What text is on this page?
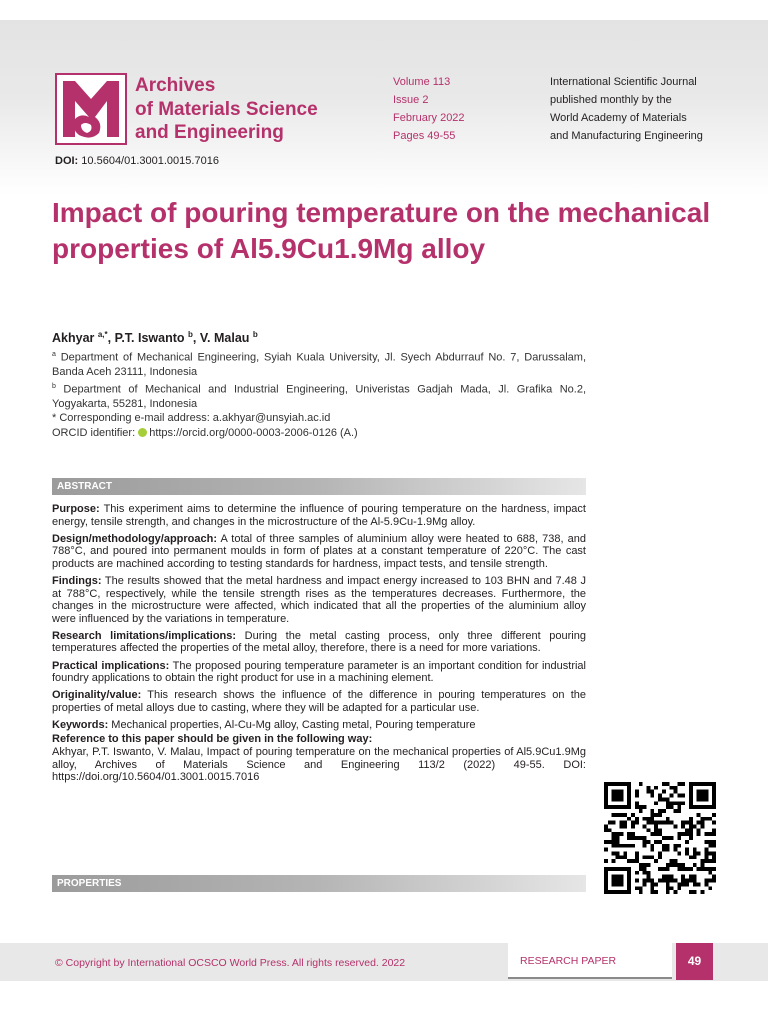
Archives
of Materials Science
and Engineering
Volume 113
Issue 2
February 2022
Pages 49-55
International Scientific Journal
published monthly by the
World Academy of Materials
and Manufacturing Engineering
DOI: 10.5604/01.3001.0015.7016
Impact of pouring temperature on the mechanical properties of Al5.9Cu1.9Mg alloy
Akhyar $^{a,*}$, P.T. Iswanto $^b$, V. Malau $^b$

$^a$ Department of Mechanical Engineering, Syiah Kuala University, Jl. Syech Abdurrauf No. 7, Darussalam, Banda Aceh 23111, Indonesia

$^b$ Department of Mechanical and Industrial Engineering, Univeristas Gadjah Mada, Jl. Grafika No.2, Yogyakarta, 55281, Indonesia

* Corresponding e-mail address: a.akhyar@unsyiah.ac.id

ORCID identifier: https://orcid.org/0000-0003-2006-0126 (A.)

ABSTRACT

Purpose: This experiment aims to determine the influence of pouring temperature on the hardness, impact energy, tensile strength, and changes in the microstructure of the Al-5.9Cu-1.9Mg alloy.

Design/methodology/approach: A total of three samples of aluminium alloy were heated to 688, 738, and 788°C, and poured into permanent moulds in form of plates at a constant temperature of 220°C. The cast products are machined according to testing standards for hardness, impact tests, and tensile strength.

Findings: The results showed that the metal hardness and impact energy increased to 103 BHN and 7.48 J at 788°C, respectively, while the tensile strength rises as the temperatures decreases. Furthermore, the changes in the microstructure were affected, which indicated that all the properties of the aluminium alloy were influenced by the variations in temperature.

Research limitations/implications: During the metal casting process, only three different pouring temperatures affected the properties of the metal alloy, therefore, there is a need for more variations.

Practical implications: The proposed pouring temperature parameter is an important condition for industrial foundry applications to obtain the right product for use in a machining element.

Originality/value: This research shows the influence of the difference in pouring temperatures on the properties of metal alloys due to casting, where they will be adapted for a particular use.

Keywords: Mechanical properties, Al-Cu-Mg alloy, Casting metal, Pouring temperature

Reference to this paper should be given in the following way:

Akhyar, P.T. Iswanto, V. Malau, Impact of pouring temperature on the mechanical properties of Al5.9Cu1.9Mg alloy, Archives of Materials Science and Engineering 113/2 (2022) 49-55. DOI: https://doi.org/10.5604/01.3001.0015.7016

PROPERTIES
© Copyright by International OCSCO World Press. All rights reserved. 2022	RESEARCH PAPER	49
